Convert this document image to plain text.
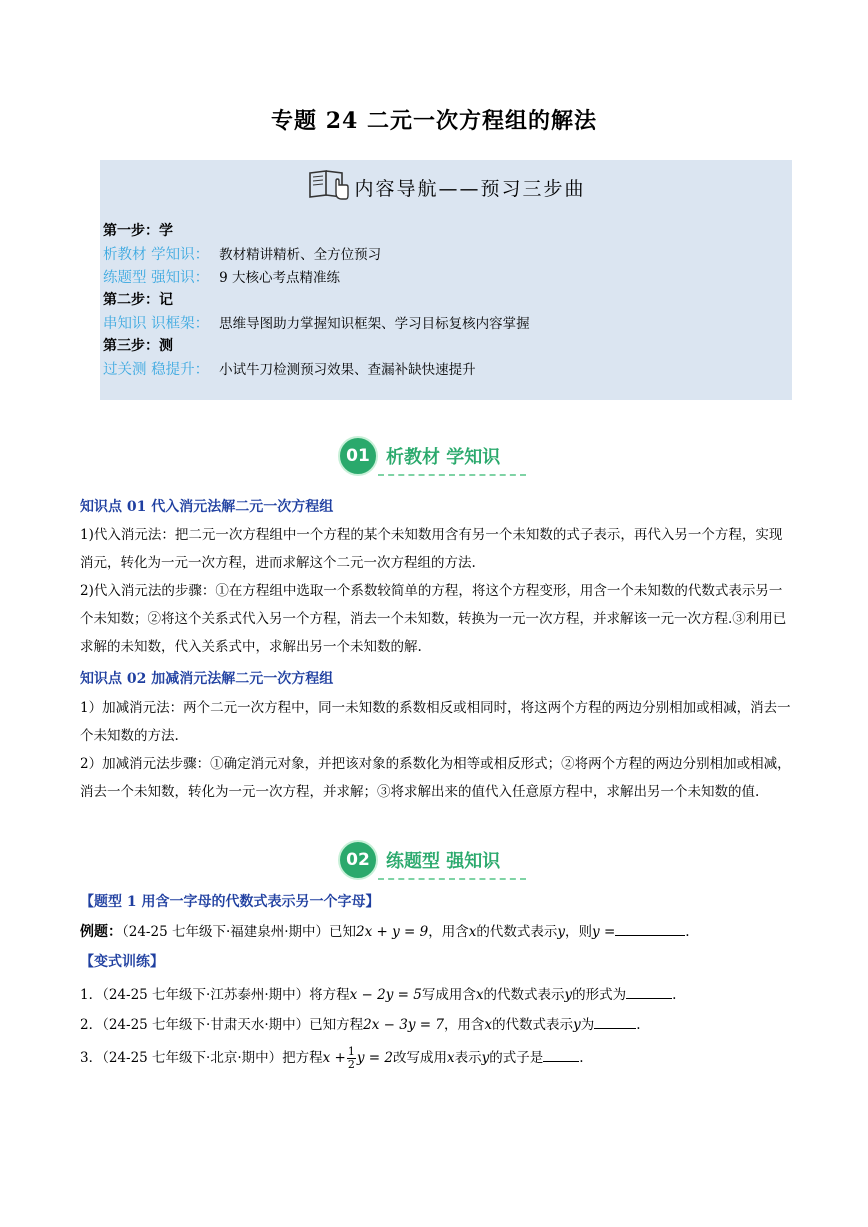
专题 24 二元一次方程组的解法
内容导航——预习三步曲
第一步：学
析教材 学知识： 教材精讲精析、全方位预习
练题型 强知识： 9 大核心考点精准练
第二步：记
串知识 识框架： 思维导图助力掌握知识框架、学习目标复核内容掌握
第三步：测
过关测 稳提升： 小试牛刀检测预习效果、查漏补缺快速提升
01 析教材 学知识
知识点 01 代入消元法解二元一次方程组
1)代入消元法：把二元一次方程组中一个方程的某个未知数用含有另一个未知数的式子表示，再代入另一个方程，实现消元，转化为一元一次方程，进而求解这个二元一次方程组的方法.
2)代入消元法的步骤：①在方程组中选取一个系数较简单的方程，将这个方程变形，用含一个未知数的代数式表示另一个未知数；②将这个关系式代入另一个方程，消去一个未知数，转换为一元一次方程，并求解该一元一次方程.③利用已求解的未知数，代入关系式中，求解出另一个未知数的解.
知识点 02 加减消元法解二元一次方程组
1）加减消元法：两个二元一次方程中，同一未知数的系数相反或相同时，将这两个方程的两边分别相加或相减，消去一个未知数的方法.
2）加减消元法步骤：①确定消元对象，并把该对象的系数化为相等或相反形式；②将两个方程的两边分别相加或相减，消去一个未知数，转化为一元一次方程，并求解；③将求解出来的值代入任意原方程中，求解出另一个未知数的值.
02 练题型 强知识
【题型 1 用含一字母的代数式表示另一个字母】
例题：（24-25 七年级下·福建泉州·期中）已知2x + y = 9，用含x的代数式表示y，则y =	.
【变式训练】
1．（24-25 七年级下·江苏泰州·期中）将方程x − 2y = 5写成用含x的代数式表示y的形式为	.
2．（24-25 七年级下·甘肃天水·期中）已知方程2x − 3y = 7，用含x的代数式表示y为	.
3．（24-25 七年级下·北京·期中）把方程$x + \frac{1}{2}$ y = 2改写成用x表示y的式子是	.
